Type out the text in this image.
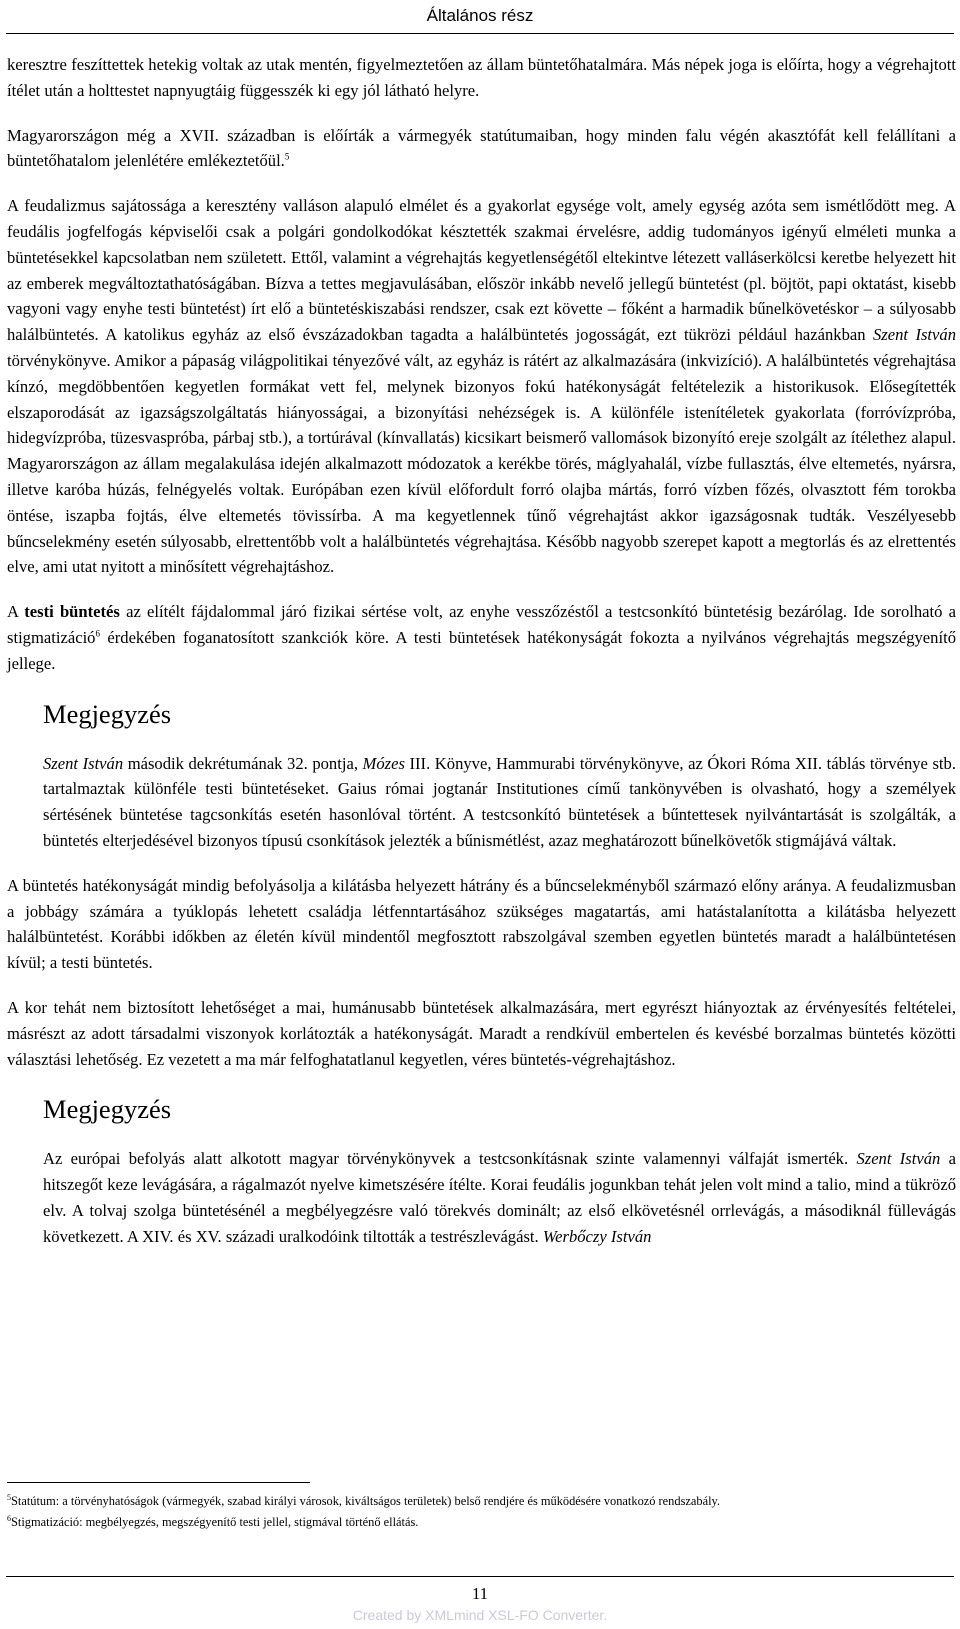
Általános rész

keresztre feszíttettek hetekig voltak az utak mentén, figyelmeztetően az állam büntetőhatalmára. Más népek joga is előírta, hogy a végrehajtott ítélet után a holttestet napnyugtáig függesszék ki egy jól látható helyre.

Magyarországon még a XVII. században is előírták a vármegyék statútumaiban, hogy minden falu végén akasztófát kell felállítani a büntetőhatalom jelenlétére emlékeztetőül.$^5$

A feudalizmus sajátossága a keresztény valláson alapuló elmélet és a gyakorlat egysége volt, amely egység azóta sem ismétlődött meg. A feudális jogfelfogás képviselői csak a polgári gondolkodókat késztették szakmai érvelésre, addig tudományos igényű elméleti munka a büntetésekkel kapcsolatban nem született. Ettől, valamint a végrehajtás kegyetlenségétől eltekintve létezett valláserkölcsi keretbe helyezett hit az emberek megváltoztathatóságában. Bízva a tettes megjavulásában, először inkább nevelő jellegű büntetést (pl. böjtöt, papi oktatást, kisebb vagyoni vagy enyhe testi büntetést) írt elő a büntetéskiszabási rendszer, csak ezt követte – főként a harmadik bűnelkövetéskor – a súlyosabb halálbüntetés. A katolikus egyház az első évszázadokban tagadta a halálbüntetés jogosságát, ezt tükrözi például hazánkban Szent István törvénykönyve. Amikor a pápaság világpolitikai tényezővé vált, az egyház is rátért az alkalmazására (inkvizíció). A halálbüntetés végrehajtása kínzó, megdöbbentően kegyetlen formákat vett fel, melynek bizonyos fokú hatékonyságát feltételezik a historikusok. Elősegítették elszaporodását az igazságszolgáltatás hiányosságai, a bizonyítási nehézségek is. A különféle istenítéletek gyakorlata (forróvízpróba, hidegvízpróba, tüzesvaspróba, párbaj stb.), a tortúrával (kínvallatás) kicsikart beismerő vallomások bizonyító ereje szolgált az ítélethez alapul. Magyarországon az állam megalakulása idején alkalmazott módozatok a kerékbe törés, máglyahalál, vízbe fullasztás, élve eltemetés, nyársra, illetve karóba húzás, felnégyelés voltak. Európában ezen kívül előfordult forró olajba mártás, forró vízben főzés, olvasztott fém torokba öntése, iszapba fojtás, élve eltemetés tövissírba. A ma kegyetlennek tűnő végrehajtást akkor igazságosnak tudták. Veszélyesebb bűncselekmény esetén súlyosabb, elrettentőbb volt a halálbüntetés végrehajtása. Később nagyobb szerepet kapott a megtorlás és az elrettentés elve, ami utat nyitott a minősített végrehajtáshoz.

A testi büntetés az elítélt fájdalommal járó fizikai sértése volt, az enyhe vesszőzéstől a testcsonkító büntetésig bezárólag. Ide sorolható a stigmatizáció$^6$ érdekében foganatosított szankciók köre. A testi büntetések hatékonyságát fokozta a nyilvános végrehajtás megszégyenítő jellege.

Megjegyzés

Szent István második dekrétumának 32. pontja, Mózes III. Könyve, Hammurabi törvénykönyve, az Ókori Róma XII. táblás törvénye stb. tartalmaztak különféle testi büntetéseket. Gaius római jogtanár Institutiones című tankönyvében is olvasható, hogy a személyek sértésének büntetése tagcsonkítás esetén hasonlóval történt. A testcsonkító büntetések a bűntettesek nyilvántartását is szolgálták, a büntetés elterjedésével bizonyos típusú csonkítások jelezték a bűnismétlést, azaz meghatározott bűnelkövetők stigmájává váltak.

A büntetés hatékonyságát mindig befolyásolja a kilátásba helyezett hátrány és a bűncselekményből származó előny aránya. A feudalizmusban a jobbágy számára a tyúklopás lehetett családja létfenntartásához szükséges magatartás, ami hatástalanította a kilátásba helyezett halálbüntetést. Korábbi időkben az életén kívül mindentől megfosztott rabszolgával szemben egyetlen büntetés maradt a halálbüntetésen kívül; a testi büntetés.

A kor tehát nem biztosított lehetőséget a mai, humánusabb büntetések alkalmazására, mert egyrészt hiányoztak az érvényesítés feltételei, másrészt az adott társadalmi viszonyok korlátozták a hatékonyságát. Maradt a rendkívül embertelen és kevésbé borzalmas büntetés közötti választási lehetőség. Ez vezetett a ma már felfoghatatlanul kegyetlen, véres büntetés-végrehajtáshoz.

Megjegyzés

Az európai befolyás alatt alkotott magyar törvénykönyvek a testcsonkításnak szinte valamennyi válfaját ismerték. Szent István a hitszegőt keze levágására, a rágalmazót nyelve kimetszésére ítélte. Korai feudális jogunkban tehát jelen volt mind a talio, mind a tükröző elv. A tolvaj szolga büntetésénél a megbélyegzésre való törekvés dominált; az első elkövetésnél orrlevágás, a másodiknál füllevágás következett. A XIV. és XV. századi uralkodóink tiltották a testrészlevágást. Werbőczy István

$^5$Statútum: a törvényhatóságok (vármegyék, szabad királyi városok, kiváltságos területek) belső rendjére és működésére vonatkozó rendszabály.
$^6$Stigmatizáció: megbélyegzés, megszégyenítő testi jellel, stigmával történő ellátás.
11
Created by XMLmind XSL-FO Converter.
